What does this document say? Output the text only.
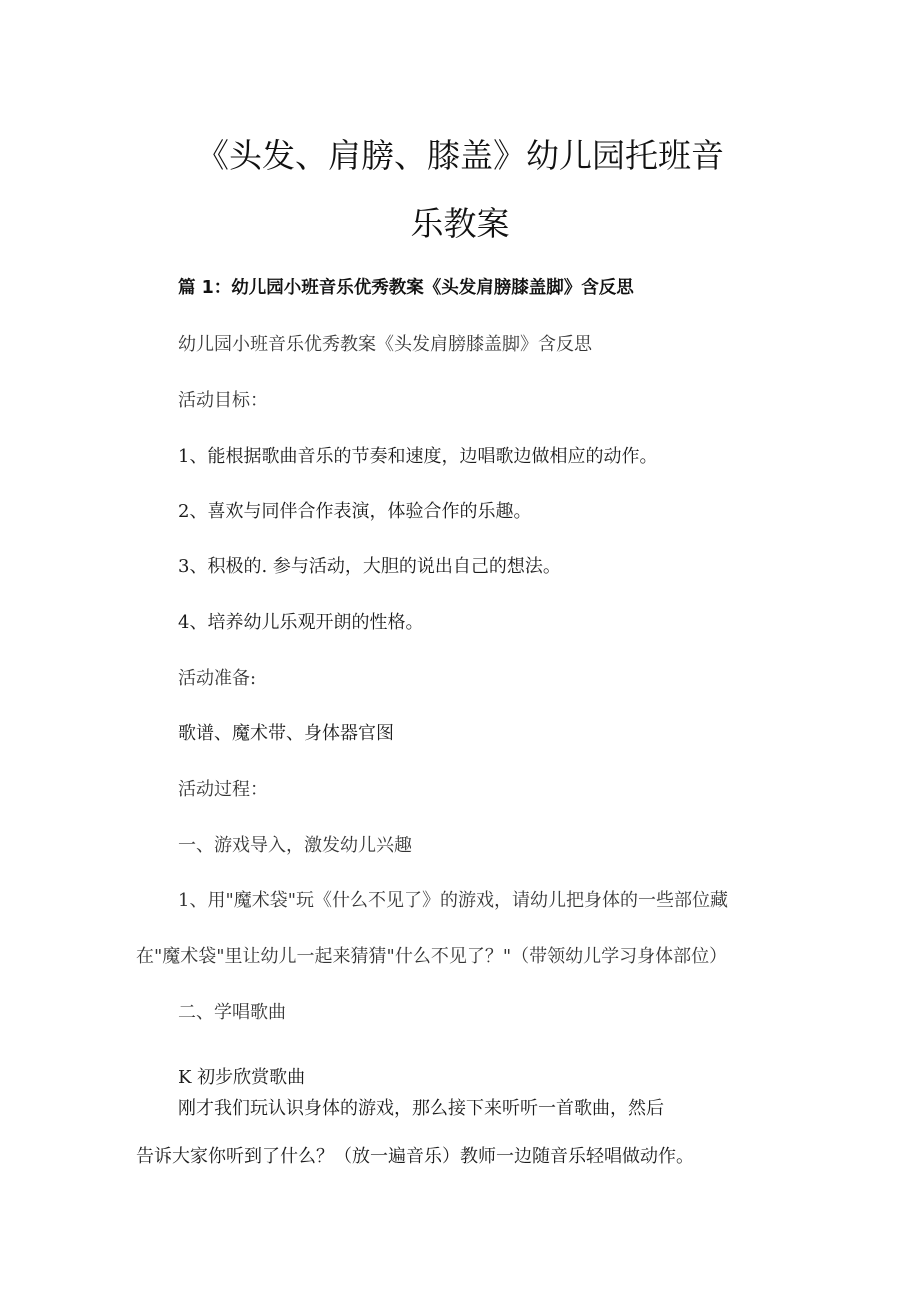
《头发、肩膀、膝盖》幼儿园托班音
乐教案
篇 1：幼儿园小班音乐优秀教案《头发肩膀膝盖脚》含反思

幼儿园小班音乐优秀教案《头发肩膀膝盖脚》含反思

活动目标：

1、能根据歌曲音乐的节奏和速度，边唱歌边做相应的动作。

2、喜欢与同伴合作表演，体验合作的乐趣。

3、积极的. 参与活动，大胆的说出自己的想法。

4、培养幼儿乐观开朗的性格。

活动准备:

歌谱、魔术带、身体器官图

活动过程：

一、游戏导入，激发幼儿兴趣

1、用"魔术袋"玩《什么不见了》的游戏，请幼儿把身体的一些部位藏

在"魔术袋"里让幼儿一起来猜猜"什么不见了？"（带领幼儿学习身体部位）

二、学唱歌曲

K 初步欣赏歌曲

刚才我们玩认识身体的游戏，那么接下来听听一首歌曲，然后

告诉大家你听到了什么？（放一遍音乐）教师一边随音乐轻唱做动作。
